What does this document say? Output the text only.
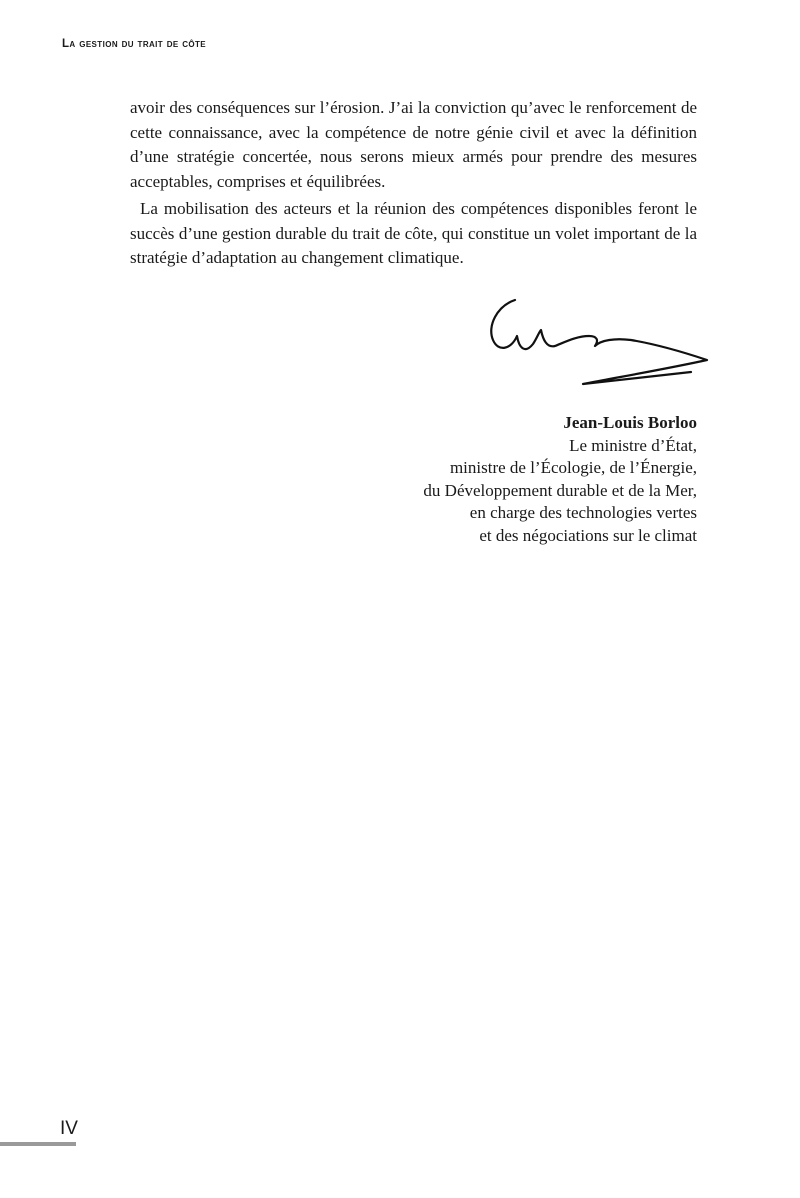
La gestion du trait de côte

avoir des conséquences sur l’érosion. J’ai la conviction qu’avec le renforcement de cette connaissance, avec la compétence de notre génie civil et avec la définition d’une stratégie concertée, nous serons mieux armés pour prendre des mesures acceptables, comprises et équilibrées.

La mobilisation des acteurs et la réunion des compétences disponibles feront le succès d’une gestion durable du trait de côte, qui constitue un volet important de la stratégie d’adaptation au changement climatique.

Jean-Louis Borloo
Le ministre d’État,
ministre de l’Écologie, de l’Énergie,
du Développement durable et de la Mer,
en charge des technologies vertes
et des négociations sur le climat
IV
